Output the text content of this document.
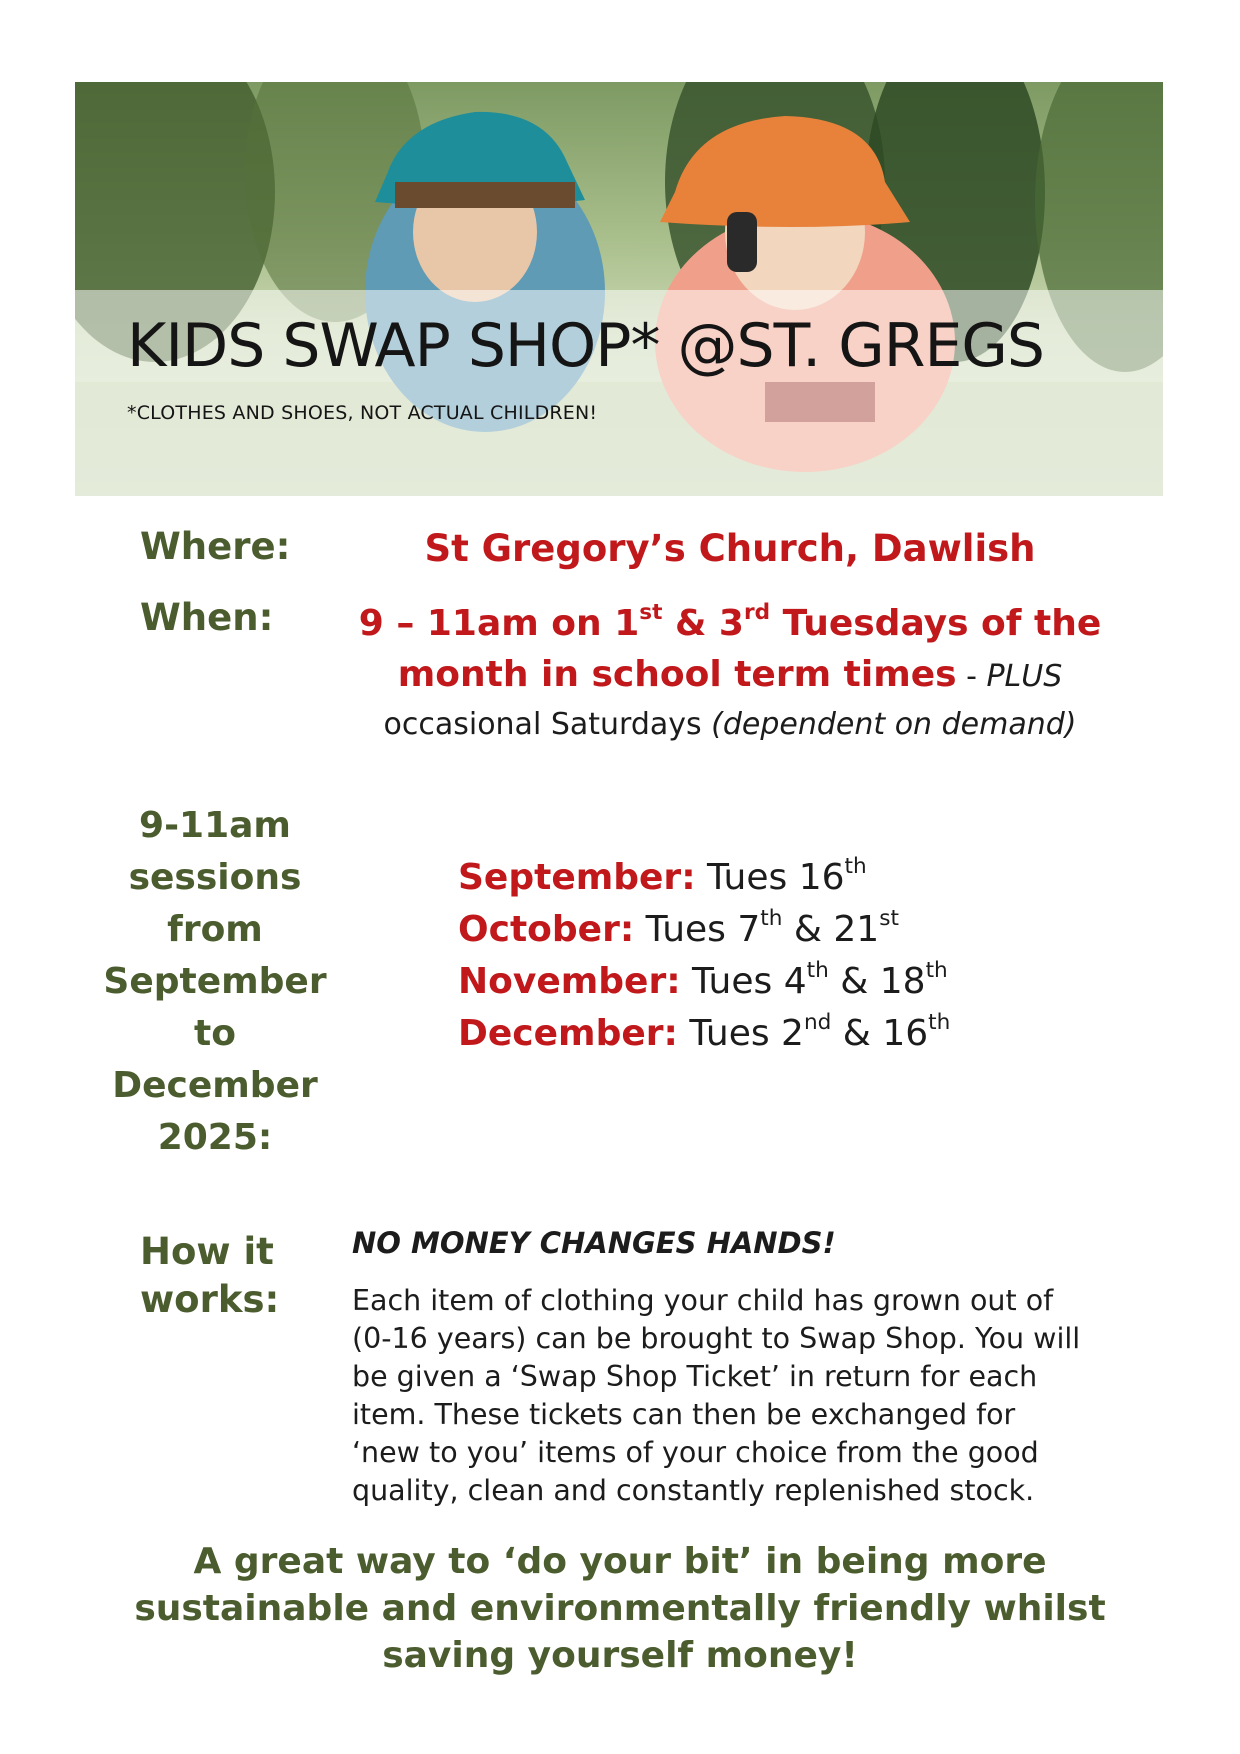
KIDS SWAP SHOP* @ST. GREGS
*CLOTHES AND SHOES, NOT ACTUAL CHILDREN!
Where:	St Gregory’s Church, Dawlish
When:	9 – 11am on 1st & 3rd Tuesdays of the
month in school term times - PLUS
occasional Saturdays (dependent on demand)
9-11am
sessions
from
September
to
December
2025:
September: Tues 16th
October: Tues 7th & 21st
November: Tues 4th & 18th
December: Tues 2nd & 16th
How it
works:
NO MONEY CHANGES HANDS!
Each item of clothing your child has grown out of
(0-16 years) can be brought to Swap Shop. You will
be given a ‘Swap Shop Ticket’ in return for each
item. These tickets can then be exchanged for
‘new to you’ items of your choice from the good
quality, clean and constantly replenished stock.
A great way to ‘do your bit’ in being more
sustainable and environmentally friendly whilst
saving yourself money!
